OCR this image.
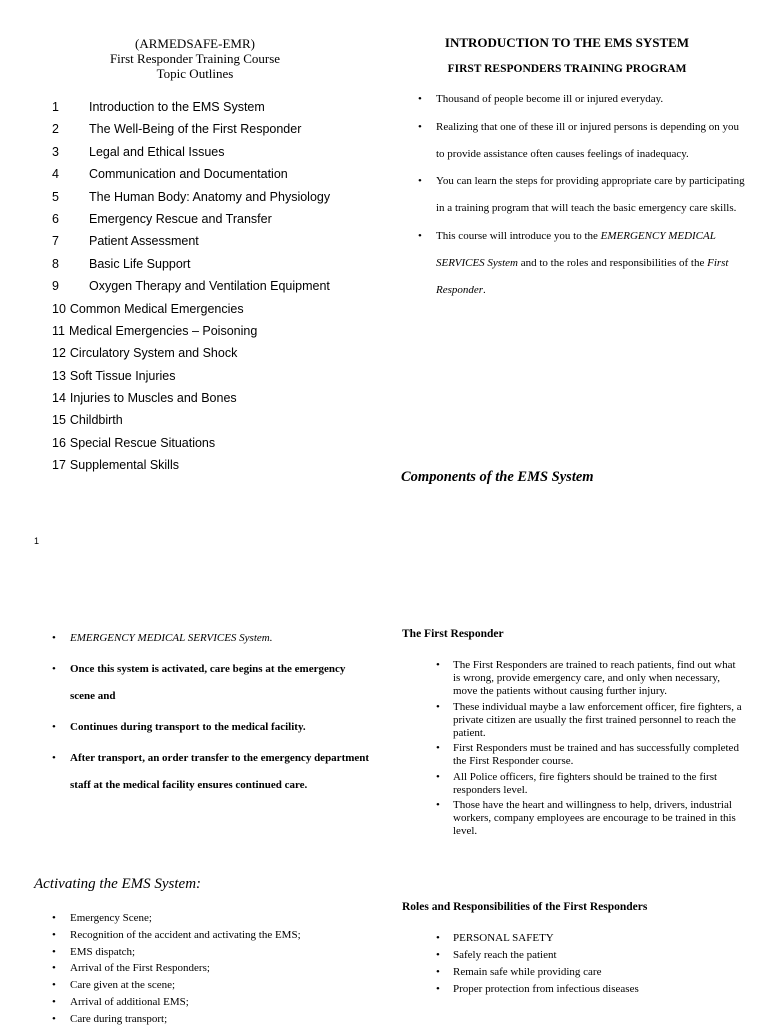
(ARMEDSAFE-EMR)
First Responder Training Course
Topic Outlines
1 Introduction to the EMS System
2 The Well-Being of the First Responder
3 Legal and Ethical Issues
4 Communication and Documentation
5 The Human Body: Anatomy and Physiology
6 Emergency Rescue and Transfer
7 Patient Assessment
8 Basic Life Support
9 Oxygen Therapy and Ventilation Equipment
10 Common Medical Emergencies
11 Medical Emergencies – Poisoning
12 Circulatory System and Shock
13 Soft Tissue Injuries
14 Injuries to Muscles and Bones
15 Childbirth
16 Special Rescue Situations
17 Supplemental Skills
1
INTRODUCTION TO THE EMS SYSTEM
FIRST RESPONDERS TRAINING PROGRAM
• Thousand of people become ill or injured everyday.
• Realizing that one of these ill or injured persons is depending on you to provide assistance often causes feelings of inadequacy.
• You can learn the steps for providing appropriate care by participating in a training program that will teach the basic emergency care skills.
• This course will introduce you to the EMERGENCY MEDICAL SERVICES System and to the roles and responsibilities of the First Responder.
Components of the EMS System
• EMERGENCY MEDICAL SERVICES System.
• Once this system is activated, care begins at the emergency scene and
• Continues during transport to the medical facility.
• After transport, an order transfer to the emergency department staff at the medical facility ensures continued care.
Activating the EMS System:
• Emergency Scene;
• Recognition of the accident and activating the EMS;
• EMS dispatch;
• Arrival of the First Responders;
• Care given at the scene;
• Arrival of additional EMS;
• Care during transport;
The First Responder
• The First Responders are trained to reach patients, find out what is wrong, provide emergency care, and only when necessary, move the patients without causing further injury.
• These individual maybe a law enforcement officer, fire fighters, a private citizen are usually the first trained personnel to reach the patient.
• First Responders must be trained and has successfully completed the First Responder course.
• All Police officers, fire fighters should be trained to the first responders level.
• Those have the heart and willingness to help, drivers, industrial workers, company employees are encourage to be trained in this level.
Roles and Responsibilities of the First Responders
• PERSONAL SAFETY
• Safely reach the patient
• Remain safe while providing care
• Proper protection from infectious diseases
